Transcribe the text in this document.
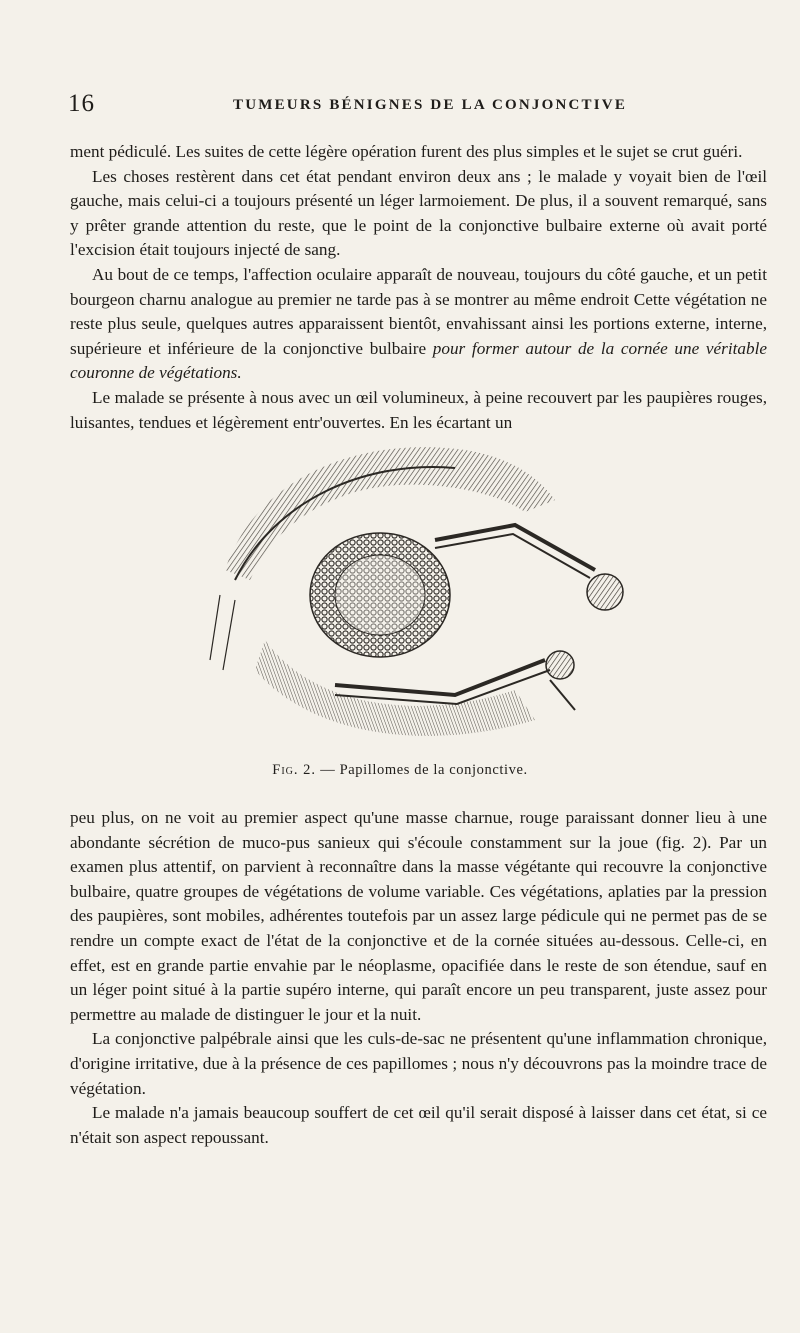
16	TUMEURS BÉNIGNES DE LA CONJONCTIVE

ment pédiculé. Les suites de cette légère opération furent des plus simples et le sujet se crut guéri.

Les choses restèrent dans cet état pendant environ deux ans ; le malade y voyait bien de l'œil gauche, mais celui-ci a toujours présenté un léger larmoiement. De plus, il a souvent remarqué, sans y prêter grande attention du reste, que le point de la conjonctive bulbaire externe où avait porté l'excision était toujours injecté de sang.

Au bout de ce temps, l'affection oculaire apparaît de nouveau, toujours du côté gauche, et un petit bourgeon charnu analogue au premier ne tarde pas à se montrer au même endroit Cette végétation ne reste plus seule, quelques autres apparaissent bientôt, envahissant ainsi les portions externe, interne, supérieure et inférieure de la conjonctive bulbaire pour former autour de la cornée une véritable couronne de végétations.

Le malade se présente à nous avec un œil volumineux, à peine recouvert par les paupières rouges, luisantes, tendues et légèrement entr'ouvertes. En les écartant un

Fig. 2. — Papillomes de la conjonctive.

peu plus, on ne voit au premier aspect qu'une masse charnue, rouge paraissant donner lieu à une abondante sécrétion de muco-pus sanieux qui s'écoule constamment sur la joue (fig. 2). Par un examen plus attentif, on parvient à reconnaître dans la masse végétante qui recouvre la conjonctive bulbaire, quatre groupes de végétations de volume variable. Ces végétations, aplaties par la pression des paupières, sont mobiles, adhérentes toutefois par un assez large pédicule qui ne permet pas de se rendre un compte exact de l'état de la conjonctive et de la cornée situées au-dessous. Celle-ci, en effet, est en grande partie envahie par le néoplasme, opacifiée dans le reste de son étendue, sauf en un léger point situé à la partie supéro interne, qui paraît encore un peu transparent, juste assez pour permettre au malade de distinguer le jour et la nuit.

La conjonctive palpébrale ainsi que les culs-de-sac ne présentent qu'une inflammation chronique, d'origine irritative, due à la présence de ces papillomes ; nous n'y découvrons pas la moindre trace de végétation.

Le malade n'a jamais beaucoup souffert de cet œil qu'il serait disposé à laisser dans cet état, si ce n'était son aspect repoussant.
